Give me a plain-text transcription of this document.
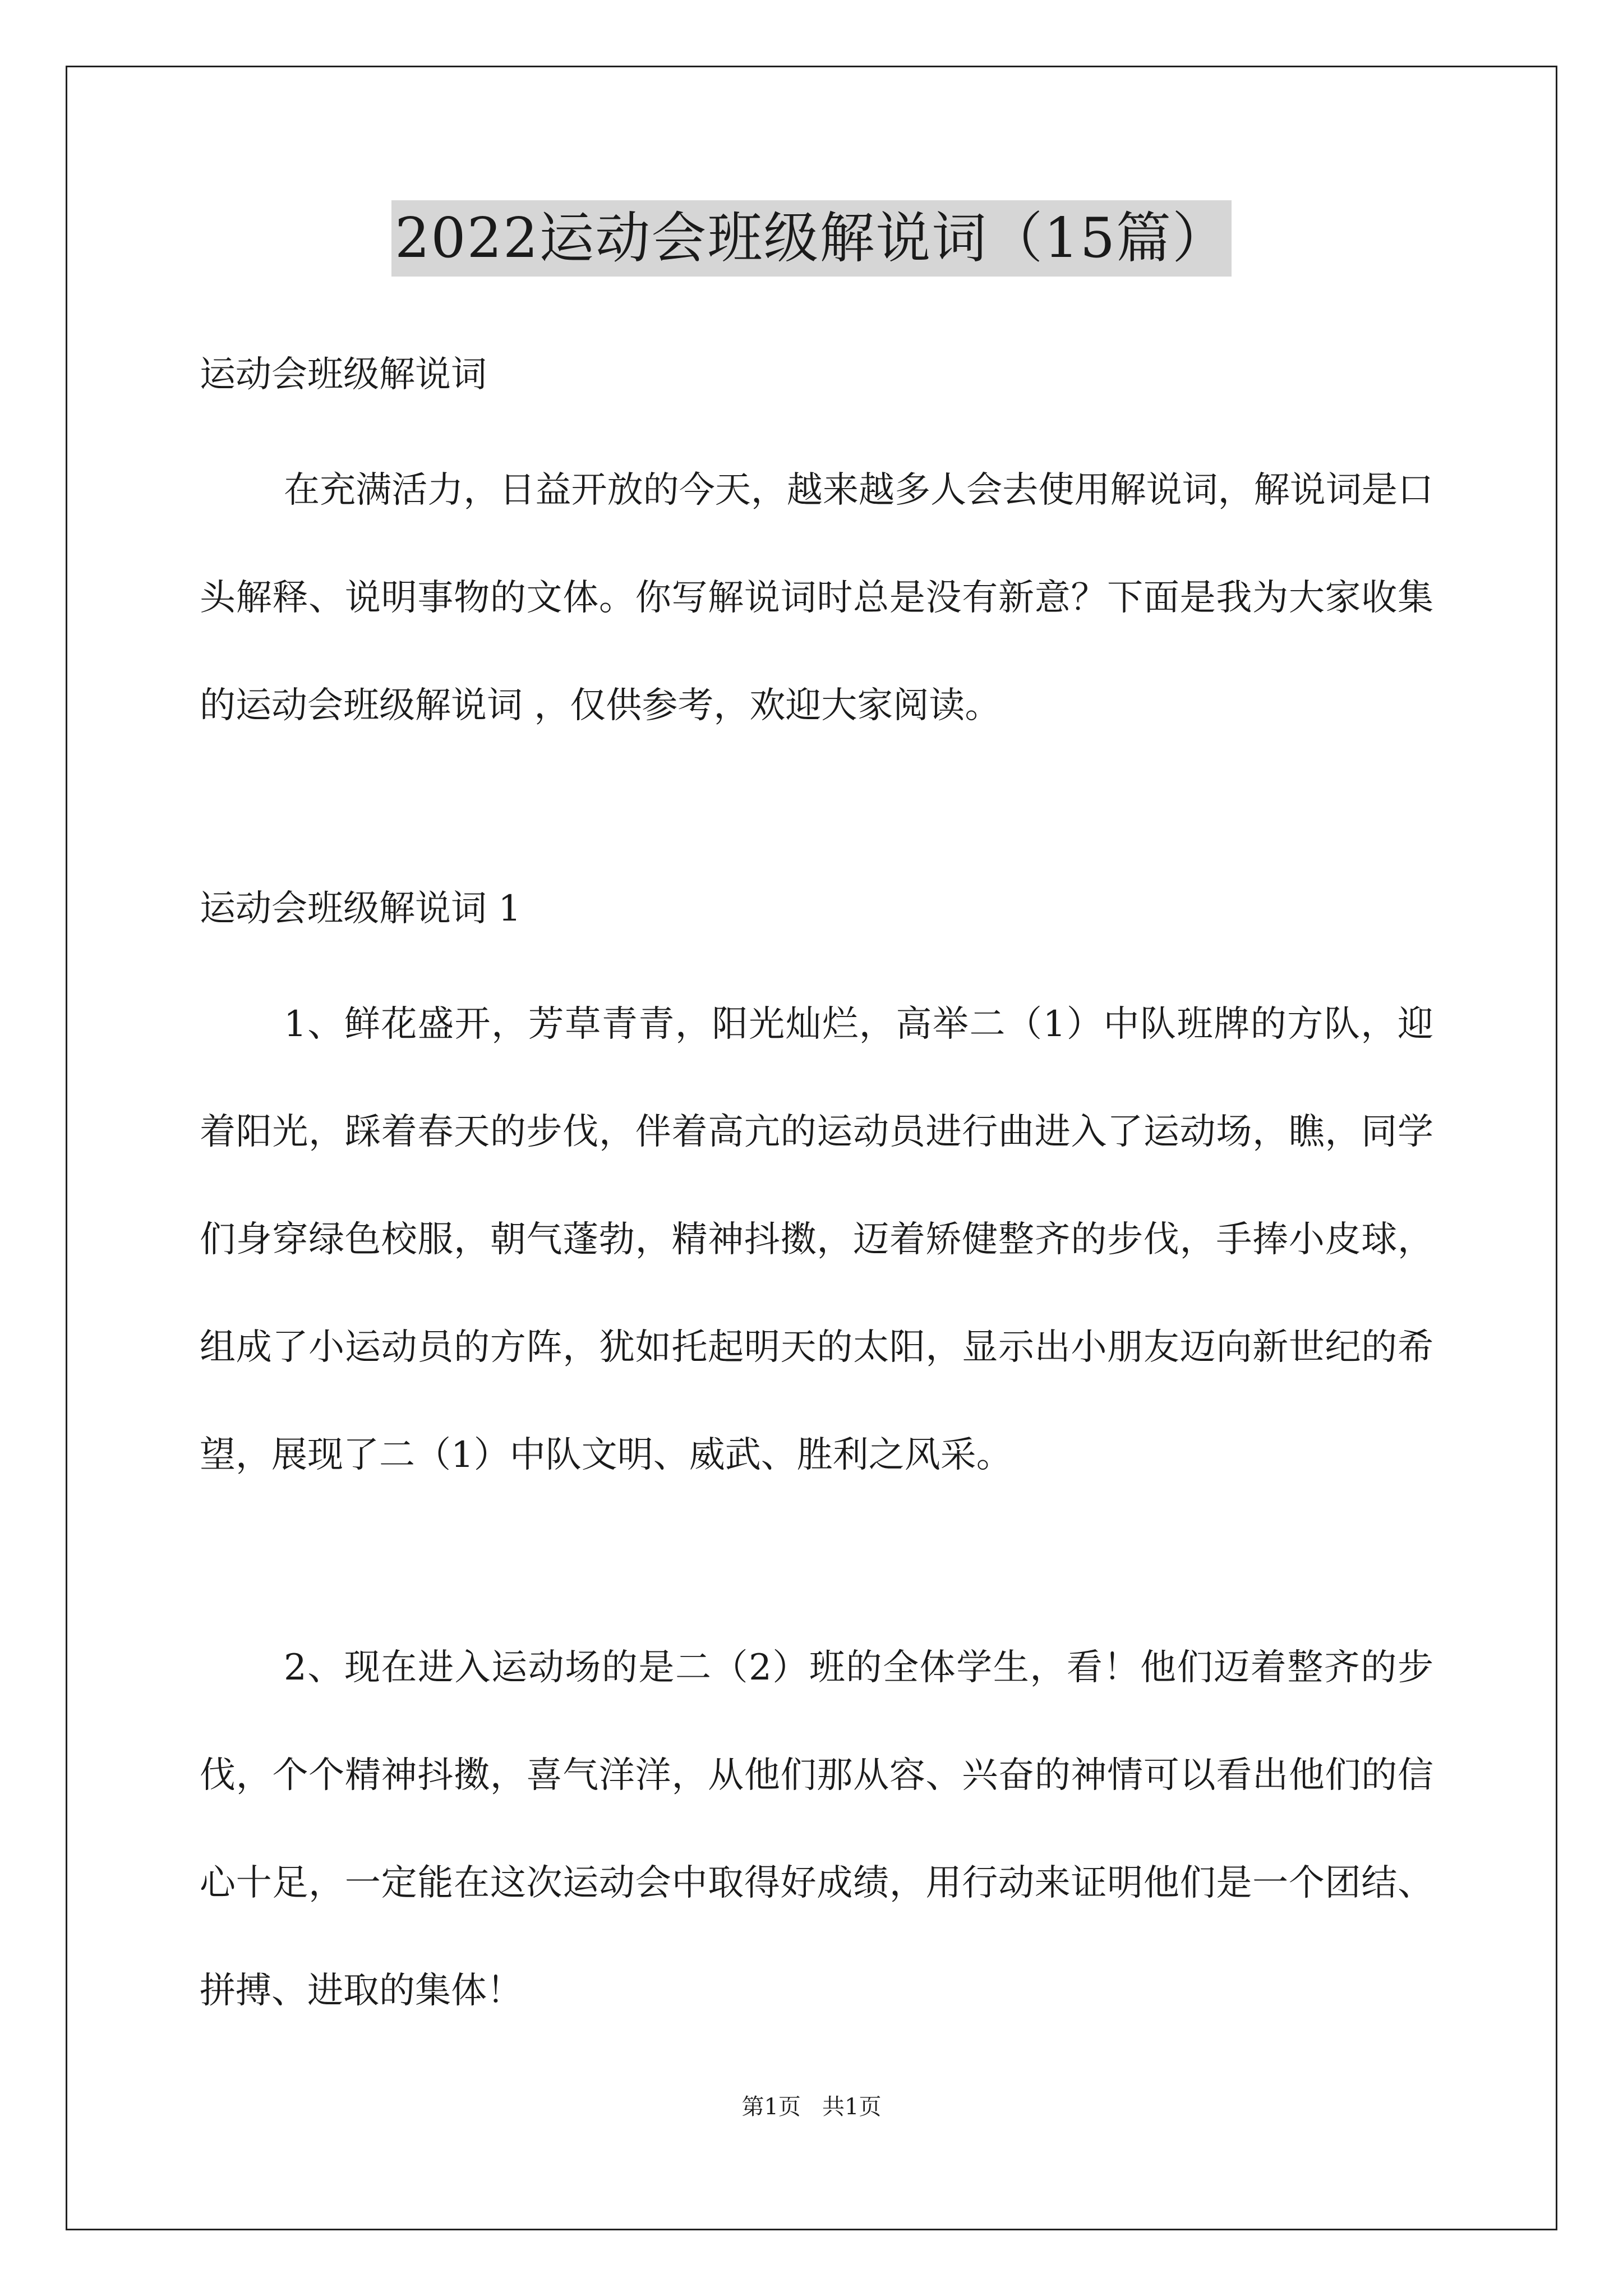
2022运动会班级解说词（15篇）
运动会班级解说词

在充满活力，日益开放的今天，越来越多人会去使用解说词，解说词是口头解释、说明事物的文体。你写解说词时总是没有新意？下面是我为大家收集的运动会班级解说词 ，仅供参考，欢迎大家阅读。

运动会班级解说词 1

1、鲜花盛开，芳草青青，阳光灿烂，高举二（1）中队班牌的方队，迎着阳光，踩着春天的步伐，伴着高亢的运动员进行曲进入了运动场，瞧，同学们身穿绿色校服，朝气蓬勃，精神抖擞，迈着矫健整齐的步伐，手捧小皮球，组成了小运动员的方阵，犹如托起明天的太阳，显示出小朋友迈向新世纪的希望，展现了二（1）中队文明、威武、胜利之风采。

2、现在进入运动场的是二（2）班的全体学生，看！他们迈着整齐的步伐，个个精神抖擞，喜气洋洋，从他们那从容、兴奋的神情可以看出他们的信心十足，一定能在这次运动会中取得好成绩，用行动来证明他们是一个团结、拼搏、进取的集体！

第1页   共1页
